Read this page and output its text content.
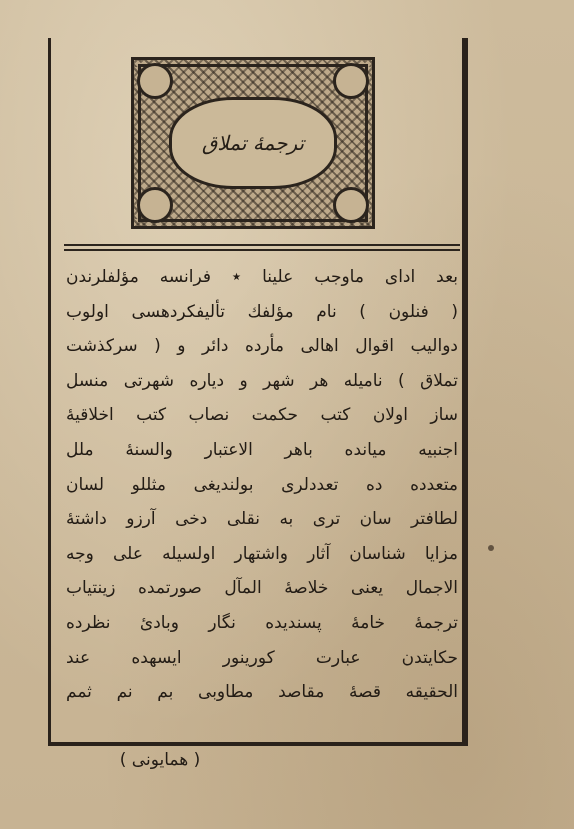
ترجمهٔ تملاق
بعد ادای ماوجب علینا ٭ فرانسه مؤلفلرندن
( فنلون ) نام مؤلفك تأليفكردهسى اولوب
دواليب اقوال اهالى مأرده دائر و ( سركذشت
تملاق ) ناميله هر شهر و دياره شهرتى منسل
ساز اولان كتب حكمت نصاب كتب اخلاقيهٔ
اجنبيه ميانده باهر الاعتبار والسنهٔ ملل
متعدده ده تعددلرى بولنديغى مثللو لسان
لطافتر سان ترى به نقلى دخى آرزو داشتهٔ
مزايا شناسان آثار واشتهار اولسيله على وجه
الاجمال يعنى خلاصهٔ المآل صورتمده زينتياب
ترجمهٔ خامهٔ پسنديده نگار وبادئ نظرده
حكايتدن عبارت كورينور ايسهده عند
الحقيقه قصهٔ مقاصد مطاوبى بم نم ثمم
( همايونى )
